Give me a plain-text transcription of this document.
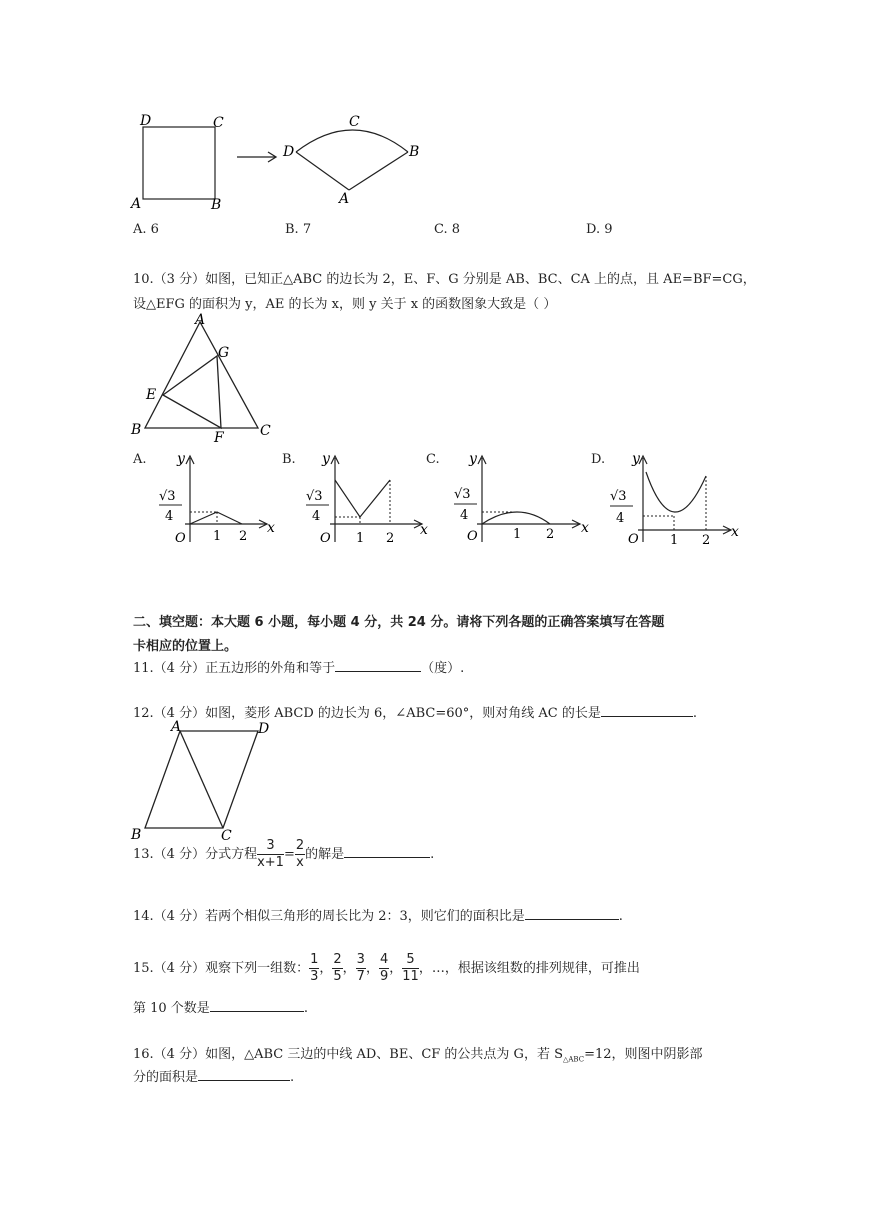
D	C
A	B
C
D	B
A
A. 6	B. 7	C. 8	D. 9
10.（3 分）如图，已知正△ABC 的边长为 2，E、F、G 分别是 AB、BC、CA 上的点，且 AE=BF=CG，
设△EFG 的面积为 y，AE 的长为 x，则 y 关于 x 的函数图象大致是（ ）
A
G
E
B	F	C
A.	B.	C.	D.
y
x
O
√3
4
1 2
y
x
O
√3
4
1 2
y
x
O
√3
4
1 2
y
x
O
√3
4
1 2
二、填空题：本大题 6 小题，每小题 4 分，共 24 分。请将下列各题的正确答案填写在答题
卡相应的位置上。
11.（4 分）正五边形的外角和等于	（度）.
12.（4 分）如图，菱形 ABCD 的边长为 6，∠ABC=60°，则对角线 AC 的长是	.
A	D
B	C
13.（4 分）分式方程 $\frac{3}{x+1} = \frac{2}{x}$ 的解是	.
14.（4 分）若两个相似三角形的周长比为 2：3，则它们的面积比是	.
15.（4 分）观察下列一组数： $\frac{1}{3}$ ， $\frac{2}{5}$ ， $\frac{3}{7}$ ， $\frac{4}{9}$ ， $\frac{5}{11}$ ，…，根据该组数的排列规律，可推出
第 10 个数是	.
16.（4 分）如图，△ABC 三边的中线 AD、BE、CF 的公共点为 G，若 $S_{\triangle ABC}=12$，则图中阴影部
分的面积是	.
